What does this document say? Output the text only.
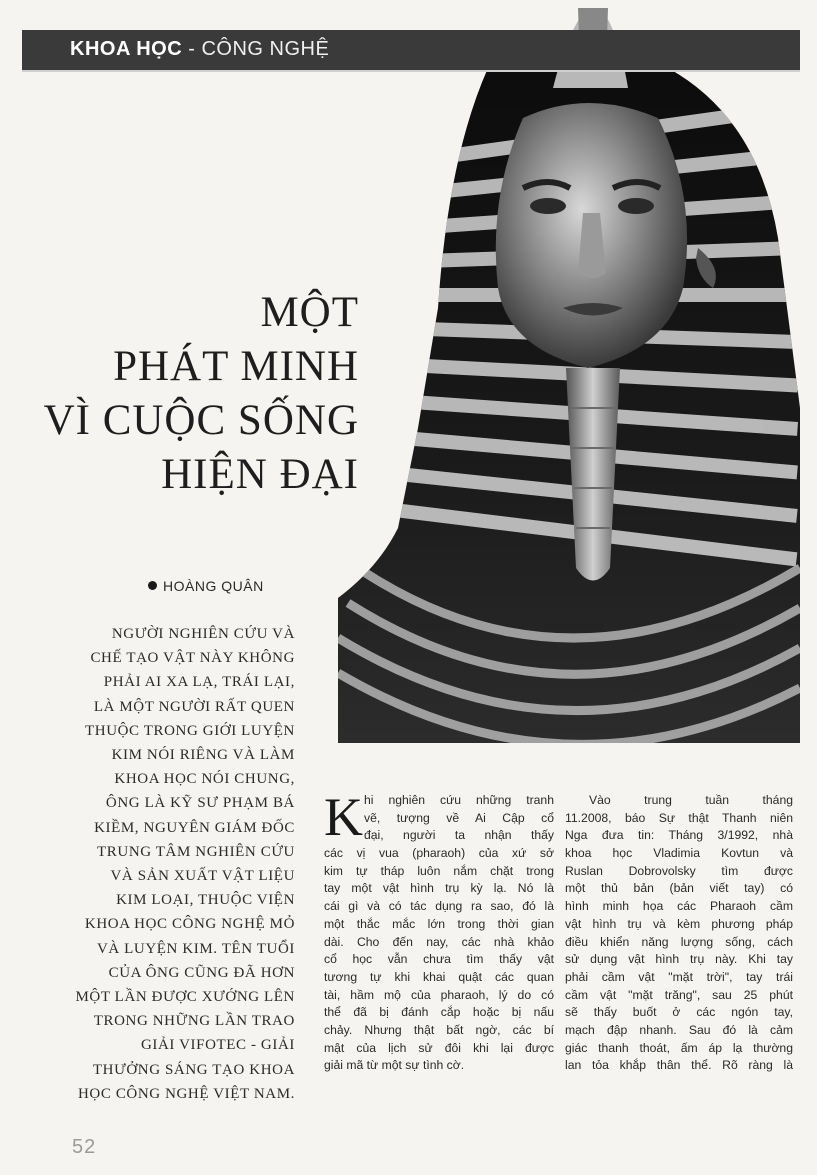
KHOA HỌC - CÔNG NGHỆ
MỘT
PHÁT MINH
VÌ CUỘC SỐNG
HIỆN ĐẠI
HOÀNG QUÂN
NGƯỜI NGHIÊN CỨU VÀ
CHẾ TẠO VẬT NÀY KHÔNG
PHẢI AI XA LẠ, TRÁI LẠI,
LÀ MỘT NGƯỜI RẤT QUEN
THUỘC TRONG GIỚI LUYỆN
KIM NÓI RIÊNG VÀ LÀM
KHOA HỌC NÓI CHUNG,
ÔNG LÀ KỸ SƯ PHẠM BÁ
KIỀM, NGUYÊN GIÁM ĐỐC
TRUNG TÂM NGHIÊN CỨU
VÀ SẢN XUẤT VẬT LIỆU
KIM LOẠI, THUỘC VIỆN
KHOA HỌC CÔNG NGHỆ MỎ
VÀ LUYỆN KIM. TÊN TUỔI
CỦA ÔNG CŨNG ĐÃ HƠN
MỘT LẦN ĐƯỢC XƯỚNG LÊN
TRONG NHỮNG LẦN TRAO
GIẢI VIFOTEC - GIẢI
THƯỞNG SÁNG TẠO KHOA
HỌC CÔNG NGHỆ VIỆT NAM.
K hi nghiên cứu những tranh
vẽ, tượng về Ai Cập cổ
đại, người ta nhận thấy
các vị vua (pharaoh) của xứ sở
kim tự tháp luôn nắm chặt trong
tay một vật hình trụ kỳ lạ. Nó là
cái gì và có tác dụng ra sao, đó là
một thắc mắc lớn trong thời gian
dài. Cho đến nay, các nhà khảo
cổ học vẫn chưa tìm thấy vật
tương tự khi khai quật các quan
tài, hầm mộ của pharaoh, lý do có
thể đã bị đánh cắp hoặc bị nấu
chảy. Nhưng thật bất ngờ, các bí
mật của lịch sử đôi khi lại được
giải mã từ một sự tình cờ.
Vào trung tuần tháng
11.2008, báo Sự thật Thanh niên
Nga đưa tin: Tháng 3/1992, nhà
khoa học Vladimia Kovtun và
Ruslan Dobrovolsky tìm được
một thủ bản (bản viết tay) có
hình minh họa các Pharaoh cầm
vật hình trụ và kèm phương pháp
điều khiển năng lượng sống, cách
sử dụng vật hình trụ này. Khi tay
phải cầm vật "mặt trời", tay trái
cầm vật "mặt trăng", sau 25 phút
sẽ thấy buốt ở các ngón tay,
mạch đập nhanh. Sau đó là cảm
giác thanh thoát, ấm áp lạ thường
lan tỏa khắp thân thể. Rõ ràng là
52
